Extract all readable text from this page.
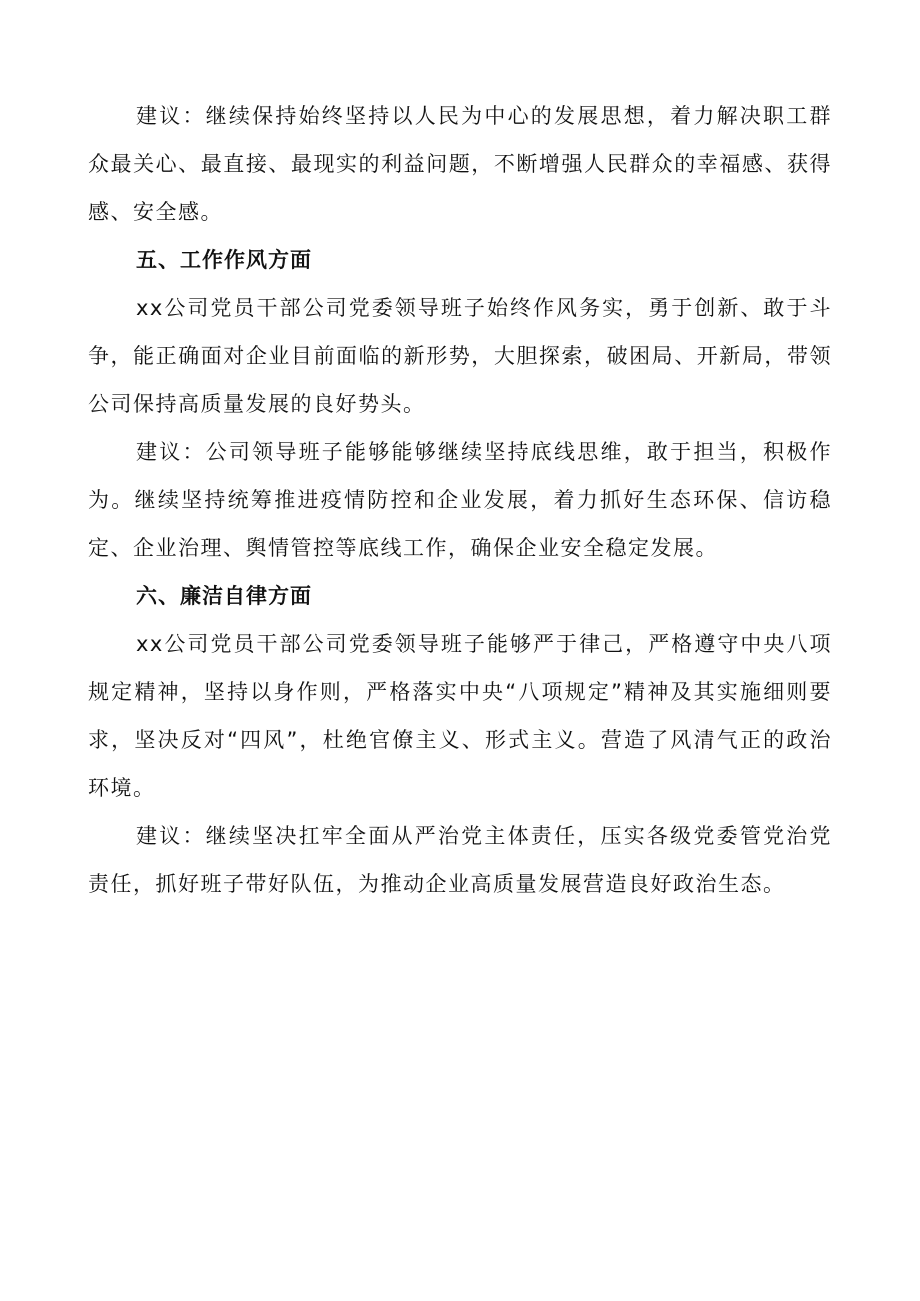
建议：继续保持始终坚持以人民为中心的发展思想，着力解决职工群众最关心、最直接、最现实的利益问题，不断增强人民群众的幸福感、获得感、安全感。

五、工作作风方面

xx公司党员干部公司党委领导班子始终作风务实，勇于创新、敢于斗争，能正确面对企业目前面临的新形势，大胆探索，破困局、开新局，带领公司保持高质量发展的良好势头。

建议：公司领导班子能够能够继续坚持底线思维，敢于担当，积极作为。继续坚持统筹推进疫情防控和企业发展，着力抓好生态环保、信访稳定、企业治理、舆情管控等底线工作，确保企业安全稳定发展。

六、廉洁自律方面

xx公司党员干部公司党委领导班子能够严于律己，严格遵守中央八项规定精神，坚持以身作则，严格落实中央“八项规定”精神及其实施细则要求，坚决反对“四风”，杜绝官僚主义、形式主义。营造了风清气正的政治环境。

建议：继续坚决扛牢全面从严治党主体责任，压实各级党委管党治党责任，抓好班子带好队伍，为推动企业高质量发展营造良好政治生态。
